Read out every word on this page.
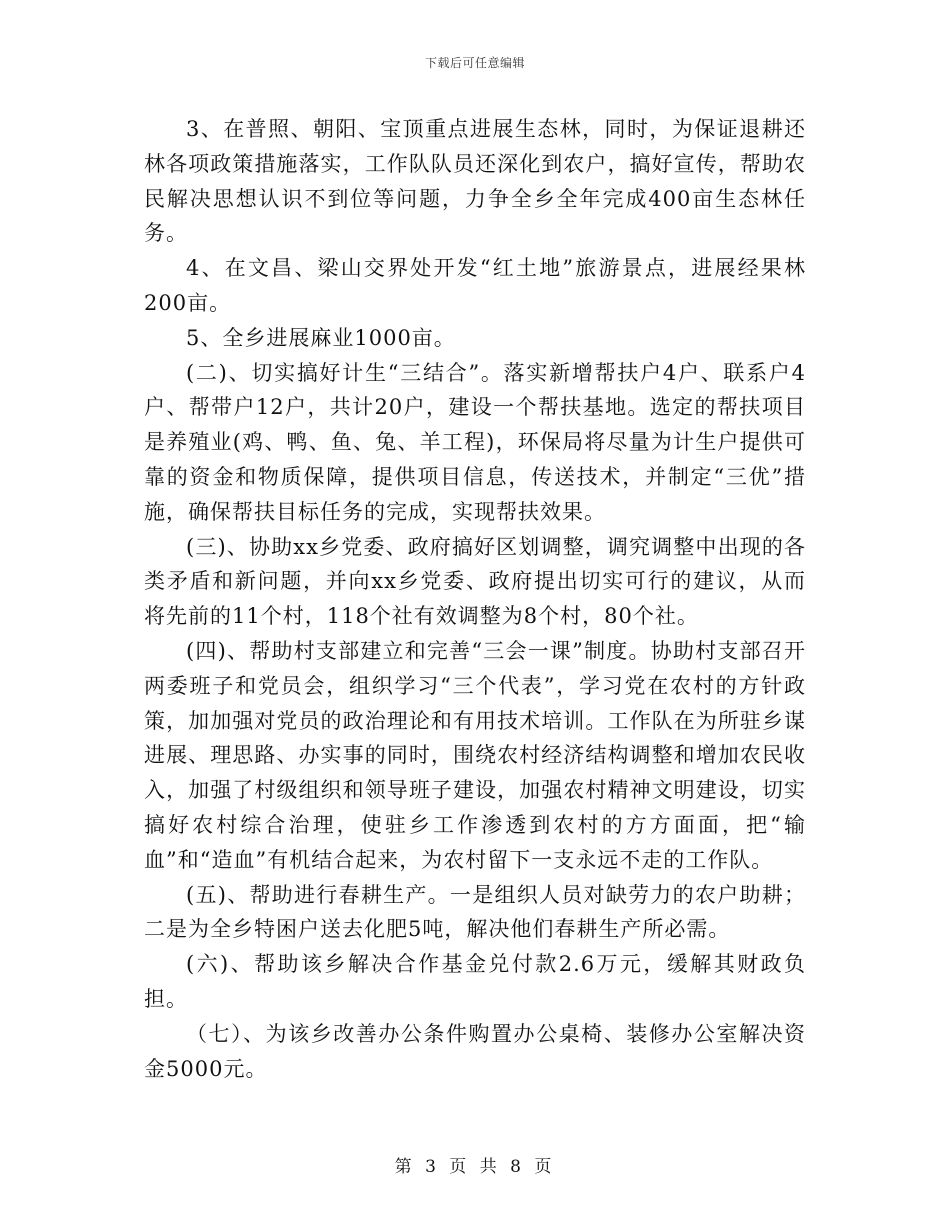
下载后可任意编辑

3、在普照、朝阳、宝顶重点进展生态林，同时，为保证退耕还林各项政策措施落实，工作队队员还深化到农户，搞好宣传，帮助农民解决思想认识不到位等问题，力争全乡全年完成400亩生态林任务。

4、在文昌、梁山交界处开发“红土地”旅游景点，进展经果林200亩。

5、全乡进展麻业1000亩。

(二)、切实搞好计生“三结合”。落实新增帮扶户4户、联系户4户、帮带户12户，共计20户，建设一个帮扶基地。选定的帮扶项目是养殖业(鸡、鸭、鱼、兔、羊工程)，环保局将尽量为计生户提供可靠的资金和物质保障，提供项目信息，传送技术，并制定“三优”措施，确保帮扶目标任务的完成，实现帮扶效果。

(三)、协助xx乡党委、政府搞好区划调整，调究调整中出现的各类矛盾和新问题，并向xx乡党委、政府提出切实可行的建议，从而将先前的11个村，118个社有效调整为8个村，80个社。

(四)、帮助村支部建立和完善“三会一课”制度。协助村支部召开两委班子和党员会，组织学习“三个代表”，学习党在农村的方针政策，加加强对党员的政治理论和有用技术培训。工作队在为所驻乡谋进展、理思路、办实事的同时，围绕农村经济结构调整和增加农民收入，加强了村级组织和领导班子建设，加强农村精神文明建设，切实搞好农村综合治理，使驻乡工作渗透到农村的方方面面，把“输血”和“造血”有机结合起来，为农村留下一支永远不走的工作队。

(五)、帮助进行春耕生产。一是组织人员对缺劳力的农户助耕；二是为全乡特困户送去化肥5吨，解决他们春耕生产所必需。

(六)、帮助该乡解决合作基金兑付款2.6万元，缓解其财政负担。

（七）、为该乡改善办公条件购置办公桌椅、装修办公室解决资金5000元。

第 3 页 共 8 页
